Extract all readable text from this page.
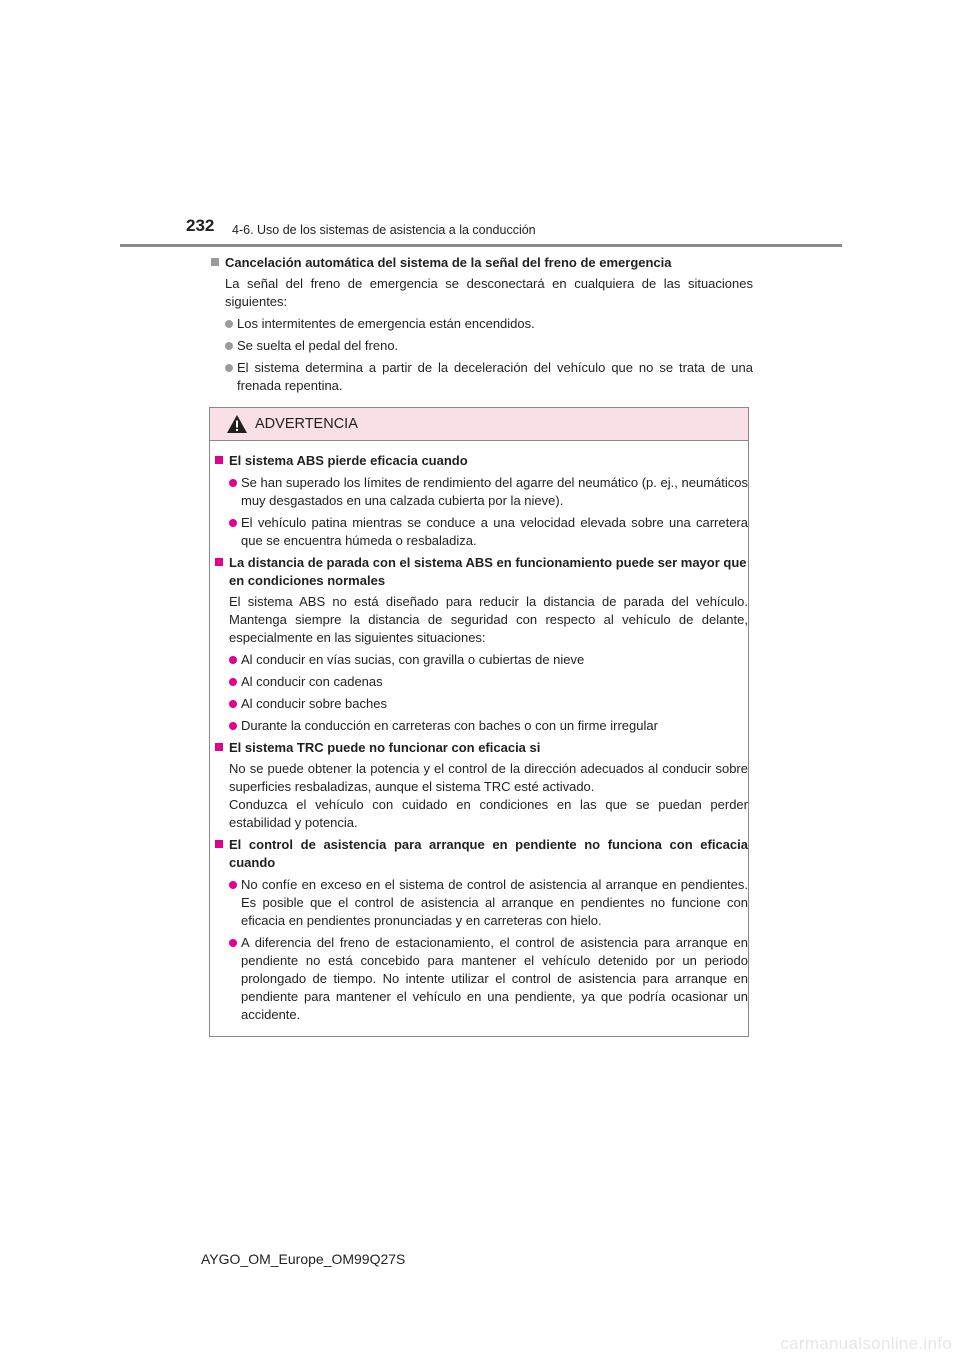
232 4-6. Uso de los sistemas de asistencia a la conducción
Cancelación automática del sistema de la señal del freno de emergencia
La señal del freno de emergencia se desconectará en cualquiera de las situaciones siguientes:
Los intermitentes de emergencia están encendidos.
Se suelta el pedal del freno.
El sistema determina a partir de la deceleración del vehículo que no se trata de una frenada repentina.
ADVERTENCIA
El sistema ABS pierde eficacia cuando
Se han superado los límites de rendimiento del agarre del neumático (p. ej., neumáticos muy desgastados en una calzada cubierta por la nieve).
El vehículo patina mientras se conduce a una velocidad elevada sobre una carretera que se encuentra húmeda o resbaladiza.
La distancia de parada con el sistema ABS en funcionamiento puede ser mayor que en condiciones normales
El sistema ABS no está diseñado para reducir la distancia de parada del vehículo. Mantenga siempre la distancia de seguridad con respecto al vehículo de delante, especialmente en las siguientes situaciones:
Al conducir en vías sucias, con gravilla o cubiertas de nieve
Al conducir con cadenas
Al conducir sobre baches
Durante la conducción en carreteras con baches o con un firme irregular
El sistema TRC puede no funcionar con eficacia si
No se puede obtener la potencia y el control de la dirección adecuados al conducir sobre superficies resbaladizas, aunque el sistema TRC esté activado.
Conduzca el vehículo con cuidado en condiciones en las que se puedan perder estabilidad y potencia.
El control de asistencia para arranque en pendiente no funciona con eficacia cuando
No confíe en exceso en el sistema de control de asistencia al arranque en pendientes. Es posible que el control de asistencia al arranque en pendientes no funcione con eficacia en pendientes pronunciadas y en carreteras con hielo.
A diferencia del freno de estacionamiento, el control de asistencia para arranque en pendiente no está concebido para mantener el vehículo detenido por un periodo prolongado de tiempo. No intente utilizar el control de asistencia para arranque en pendiente para mantener el vehículo en una pendiente, ya que podría ocasionar un accidente.
AYGO_OM_Europe_OM99Q27S
carmanualsonline.info
